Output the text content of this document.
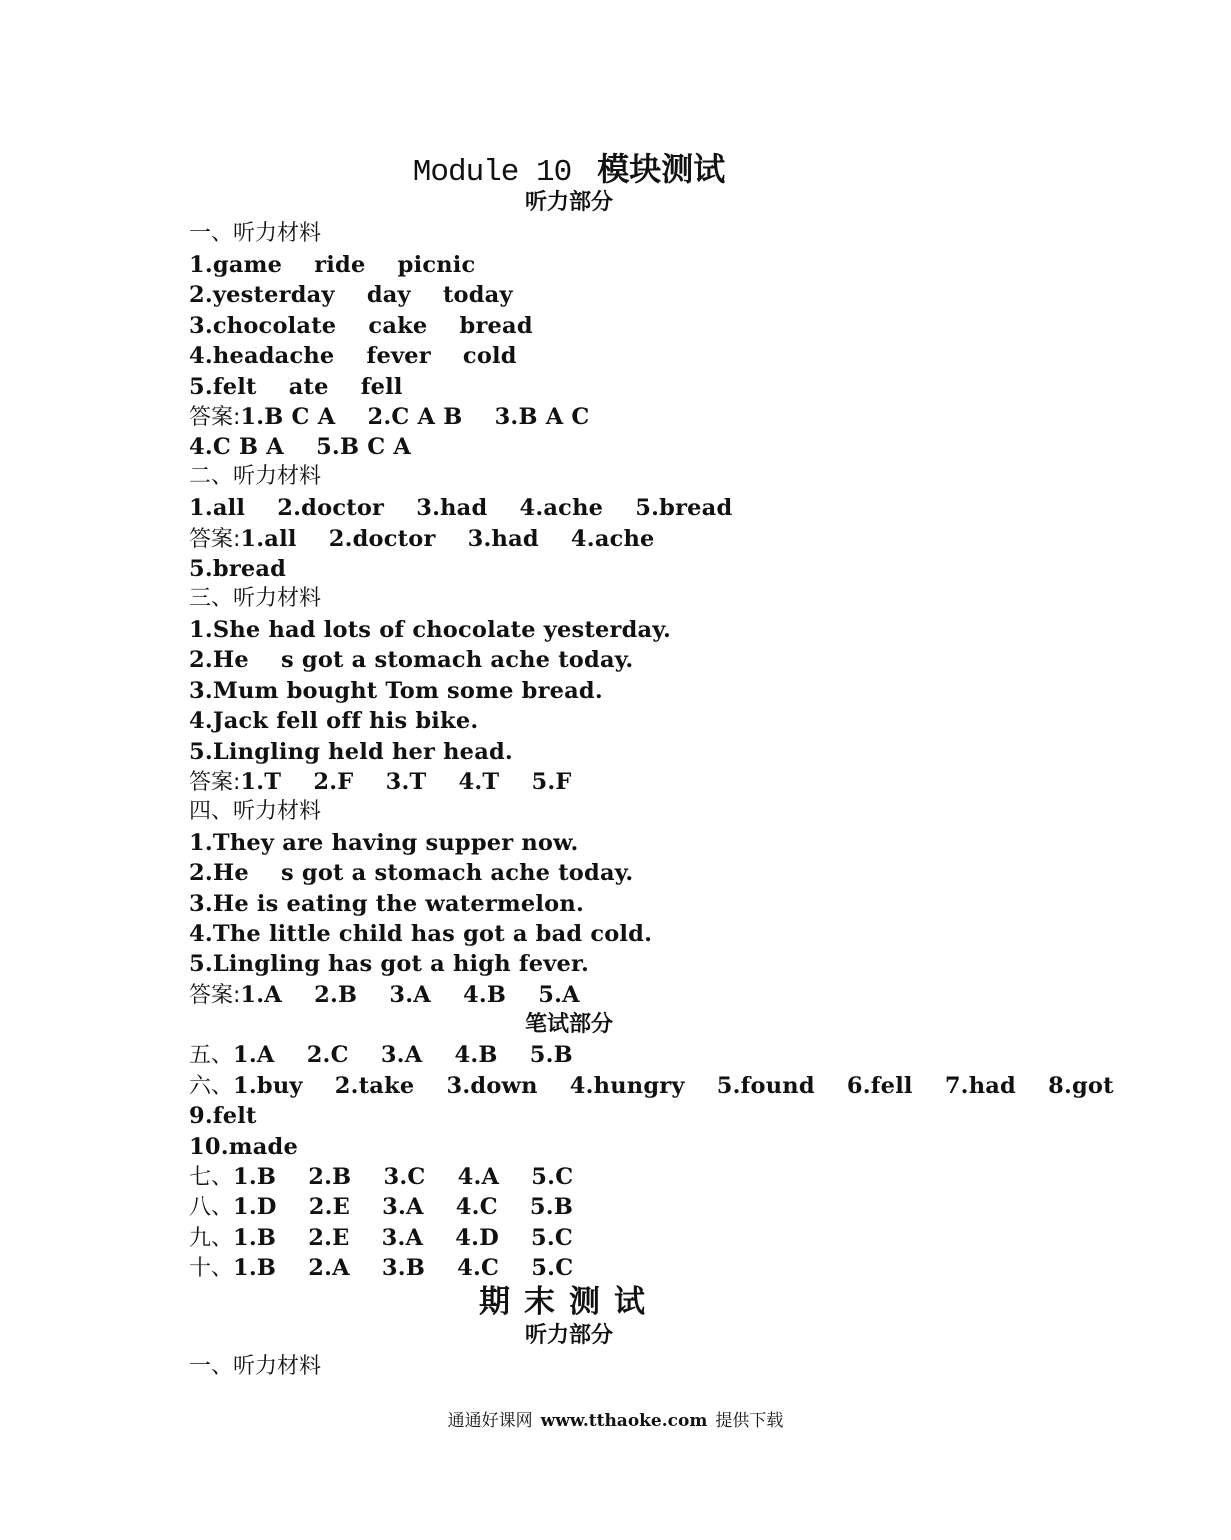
Module 10 模块测试
听力部分
一、听力材料
1.game    ride    picnic
2.yesterday    day    today
3.chocolate    cake    bread
4.headache    fever    cold
5.felt    ate    fell
答案:1.B C A    2.C A B    3.B A C
4.C B A    5.B C A
二、听力材料
1.all    2.doctor    3.had    4.ache    5.bread
答案:1.all    2.doctor    3.had    4.ache
5.bread
三、听力材料
1.She had lots of chocolate yesterday.
2.He    s got a stomach ache today.
3.Mum bought Tom some bread.
4.Jack fell off his bike.
5.Lingling held her head.
答案:1.T    2.F    3.T    4.T    5.F
四、听力材料
1.They are having supper now.
2.He    s got a stomach ache today.
3.He is eating the watermelon.
4.The little child has got a bad cold.
5.Lingling has got a high fever.
答案:1.A    2.B    3.A    4.B    5.A
笔试部分
五、1.A    2.C    3.A    4.B    5.B
六、1.buy    2.take    3.down    4.hungry    5.found    6.fell    7.had    8.got
9.felt
10.made
七、1.B    2.B    3.C    4.A    5.C
八、1.D    2.E    3.A    4.C    5.B
九、1.B    2.E    3.A    4.D    5.C
十、1.B    2.A    3.B    4.C    5.C
期末测试
听力部分
一、听力材料
通通好课网 www.tthaoke.com 提供下载
